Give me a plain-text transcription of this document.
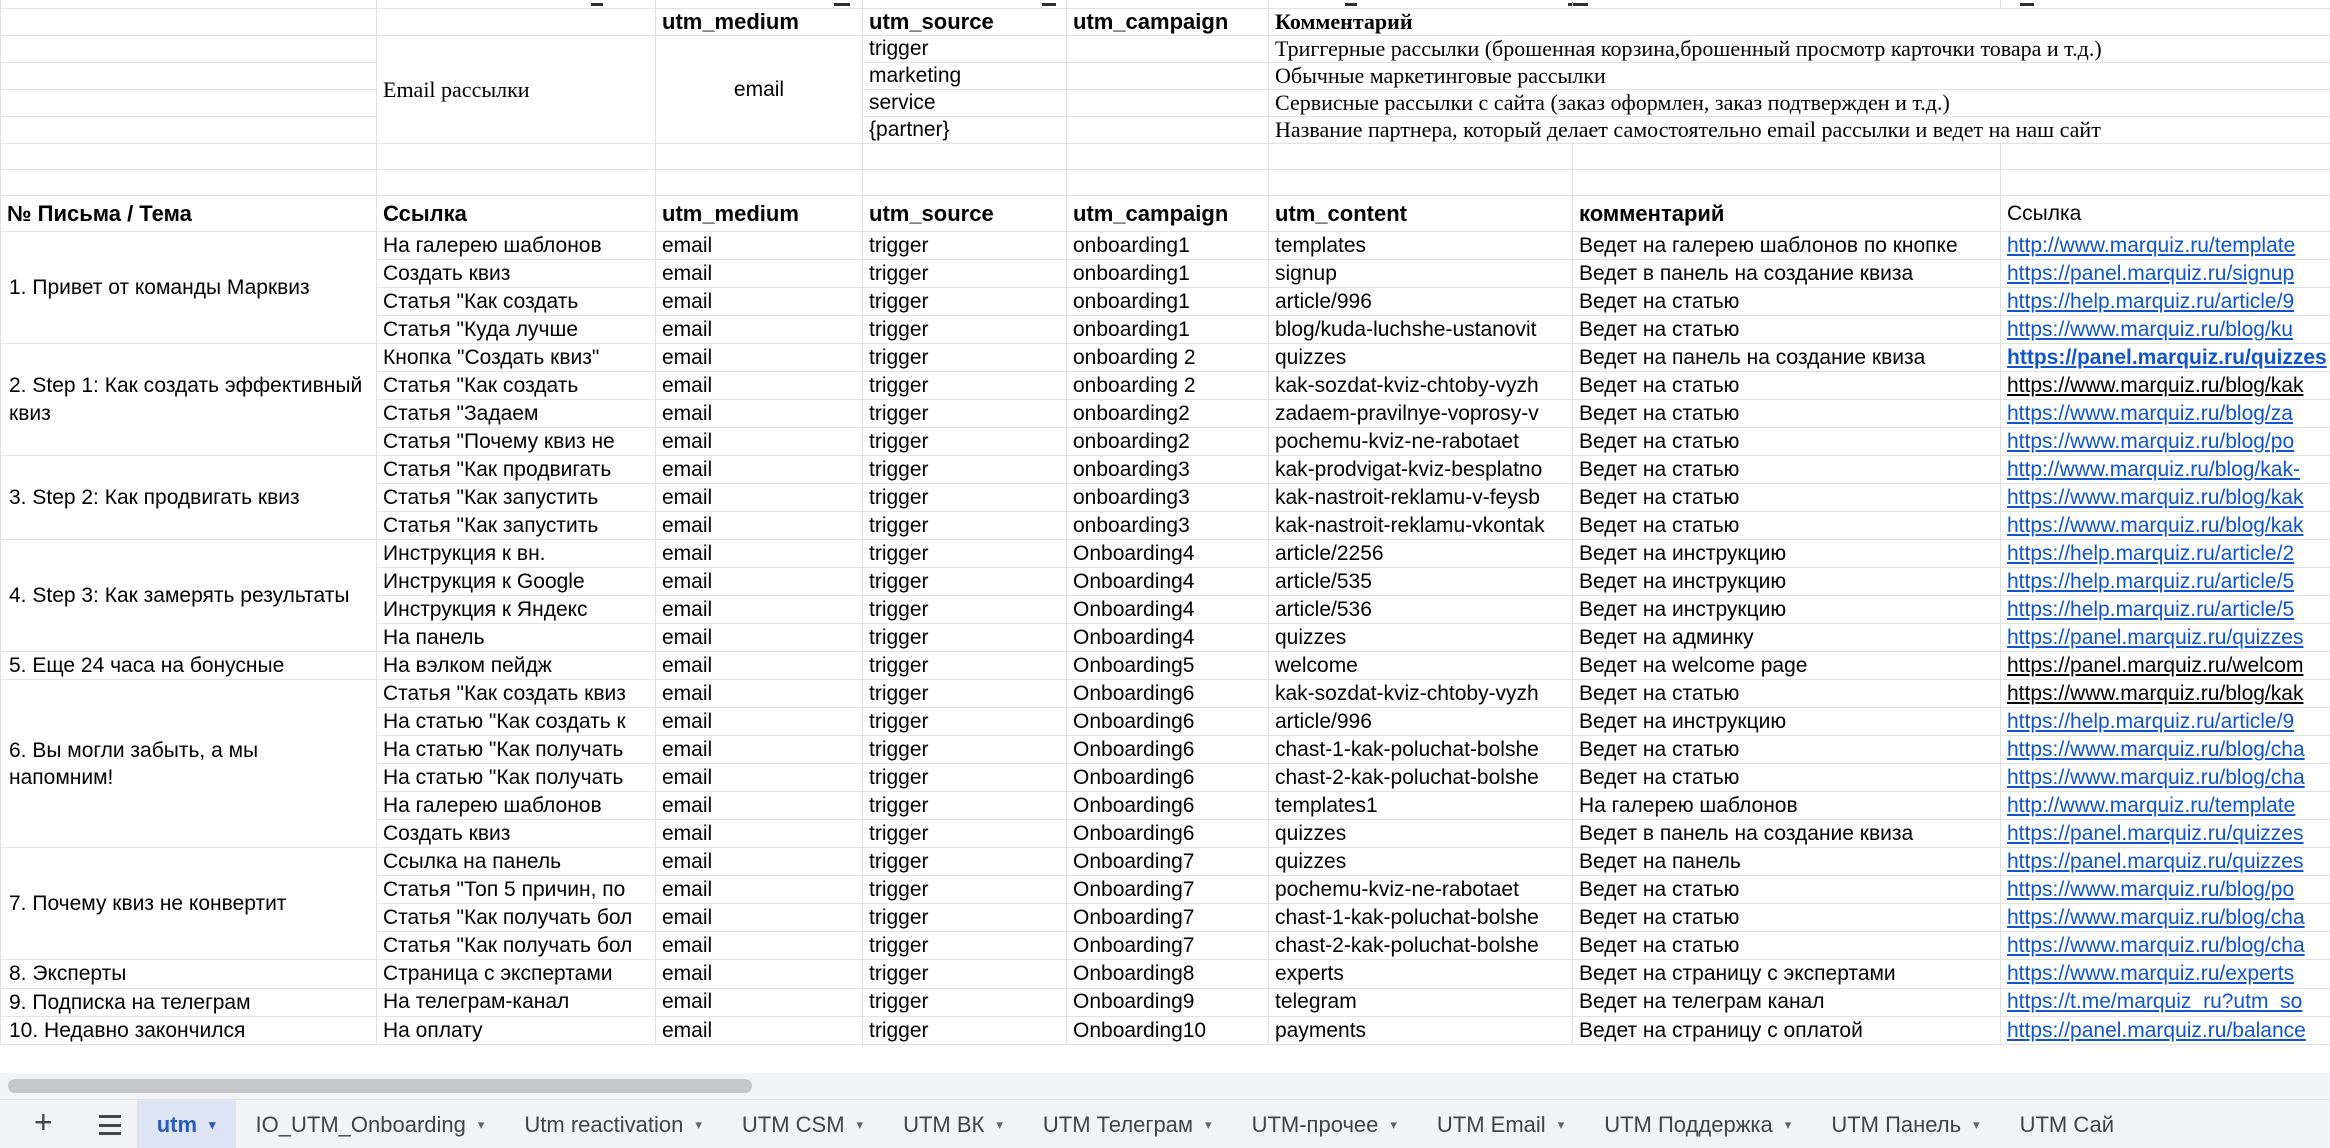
		utm_medium	utm_source	utm_campaign	Комментарий		
	Email рассылки	email	trigger		Триггерные рассылки (брошенная корзина,брошенный просмотр карточки товара и т.д.)		
			marketing		Обычные маркетинговые рассылки		
			service		Сервисные рассылки с сайта (заказ оформлен, заказ подтвержден и т.д.)		
			{partner}		Название партнера, который делает самостоятельно email рассылки и ведет на наш сайт		

№ Письма / Тема	Ссылка	utm_medium	utm_source	utm_campaign	utm_content	комментарий	Ссылка
1. Привет от команды Марквиз	На галерею шаблонов	email	trigger	onboarding1	templates	Ведет на галерею шаблонов по кнопке	http://www.marquiz.ru/template
	Создать квиз	email	trigger	onboarding1	signup	Ведет в панель на создание квиза	https://panel.marquiz.ru/signup
	Статья "Как создать	email	trigger	onboarding1	article/996	Ведет на статью	https://help.marquiz.ru/article/9
	Статья "Куда лучше	email	trigger	onboarding1	blog/kuda-luchshe-ustanovit	Ведет на статью	https://www.marquiz.ru/blog/ku
2. Step 1: Как создать эффективный квиз	Кнопка "Создать квиз"	email	trigger	onboarding 2	quizzes	Ведет на панель на создание квиза	https://panel.marquiz.ru/quizzes
	Статья "Как создать	email	trigger	onboarding 2	kak-sozdat-kviz-chtoby-vyzh	Ведет на статью	https://www.marquiz.ru/blog/kak
	Статья "Задаем	email	trigger	onboarding2	zadaem-pravilnye-voprosy-v	Ведет на статью	https://www.marquiz.ru/blog/za
	Статья "Почему квиз не	email	trigger	onboarding2	pochemu-kviz-ne-rabotaet	Ведет на статью	https://www.marquiz.ru/blog/po
3. Step 2: Как продвигать квиз	Статья "Как продвигать	email	trigger	onboarding3	kak-prodvigat-kviz-besplatno	Ведет на статью	http://www.marquiz.ru/blog/kak-
	Статья "Как запустить	email	trigger	onboarding3	kak-nastroit-reklamu-v-feysb	Ведет на статью	https://www.marquiz.ru/blog/kak
	Статья "Как запустить	email	trigger	onboarding3	kak-nastroit-reklamu-vkontak	Ведет на статью	https://www.marquiz.ru/blog/kak
4. Step 3: Как замерять результаты	Инструкция к вн.	email	trigger	Onboarding4	article/2256	Ведет на инструкцию	https://help.marquiz.ru/article/2
	Инструкция к Google	email	trigger	Onboarding4	article/535	Ведет на инструкцию	https://help.marquiz.ru/article/5
	Инструкция к Яндекс	email	trigger	Onboarding4	article/536	Ведет на инструкцию	https://help.marquiz.ru/article/5
	На панель	email	trigger	Onboarding4	quizzes	Ведет на админку	https://panel.marquiz.ru/quizzes
5. Еще 24 часа на бонусные	На вэлком пейдж	email	trigger	Onboarding5	welcome	Ведет на welcome page	https://panel.marquiz.ru/welcom
6. Вы могли забыть, а мы напомним!	Статья "Как создать квиз	email	trigger	Onboarding6	kak-sozdat-kviz-chtoby-vyzh	Ведет на статью	https://www.marquiz.ru/blog/kak
	На статью "Как создать к	email	trigger	Onboarding6	article/996	Ведет на инструкцию	https://help.marquiz.ru/article/9
	На статью "Как получать	email	trigger	Onboarding6	chast-1-kak-poluchat-bolshe	Ведет на статью	https://www.marquiz.ru/blog/cha
	На статью "Как получать	email	trigger	Onboarding6	chast-2-kak-poluchat-bolshe	Ведет на статью	https://www.marquiz.ru/blog/cha
	На галерею шаблонов	email	trigger	Onboarding6	templates1	На галерею шаблонов	http://www.marquiz.ru/template
	Создать квиз	email	trigger	Onboarding6	quizzes	Ведет в панель на создание квиза	https://panel.marquiz.ru/quizzes
7. Почему квиз не конвертит	Ссылка на панель	email	trigger	Onboarding7	quizzes	Ведет на панель	https://panel.marquiz.ru/quizzes
	Статья "Топ 5 причин, по	email	trigger	Onboarding7	pochemu-kviz-ne-rabotaet	Ведет на статью	https://www.marquiz.ru/blog/po
	Статья "Как получать бол	email	trigger	Onboarding7	chast-1-kak-poluchat-bolshe	Ведет на статью	https://www.marquiz.ru/blog/cha
	Статья "Как получать бол	email	trigger	Onboarding7	chast-2-kak-poluchat-bolshe	Ведет на статью	https://www.marquiz.ru/blog/cha
8. Эксперты	Страница с экспертами	email	trigger	Onboarding8	experts	Ведет на страницу с экспертами	https://www.marquiz.ru/experts
9. Подписка на телеграм	На телеграм-канал	email	trigger	Onboarding9	telegram	Ведет на телеграм канал	https://t.me/marquiz_ru?utm_so
10. Недавно закончился	На оплату	email	trigger	Onboarding10	payments	Ведет на страницу с оплатой	https://panel.marquiz.ru/balance
+	utm ▾ IO_UTM_Onboarding ▾ Utm reactivation ▾ UTM CSM ▾ UTM ВК ▾ UTM Телеграм ▾ UTM-прочее ▾ UTM Email ▾ UTM Поддержка ▾ UTM Панель ▾ UTM Сай
